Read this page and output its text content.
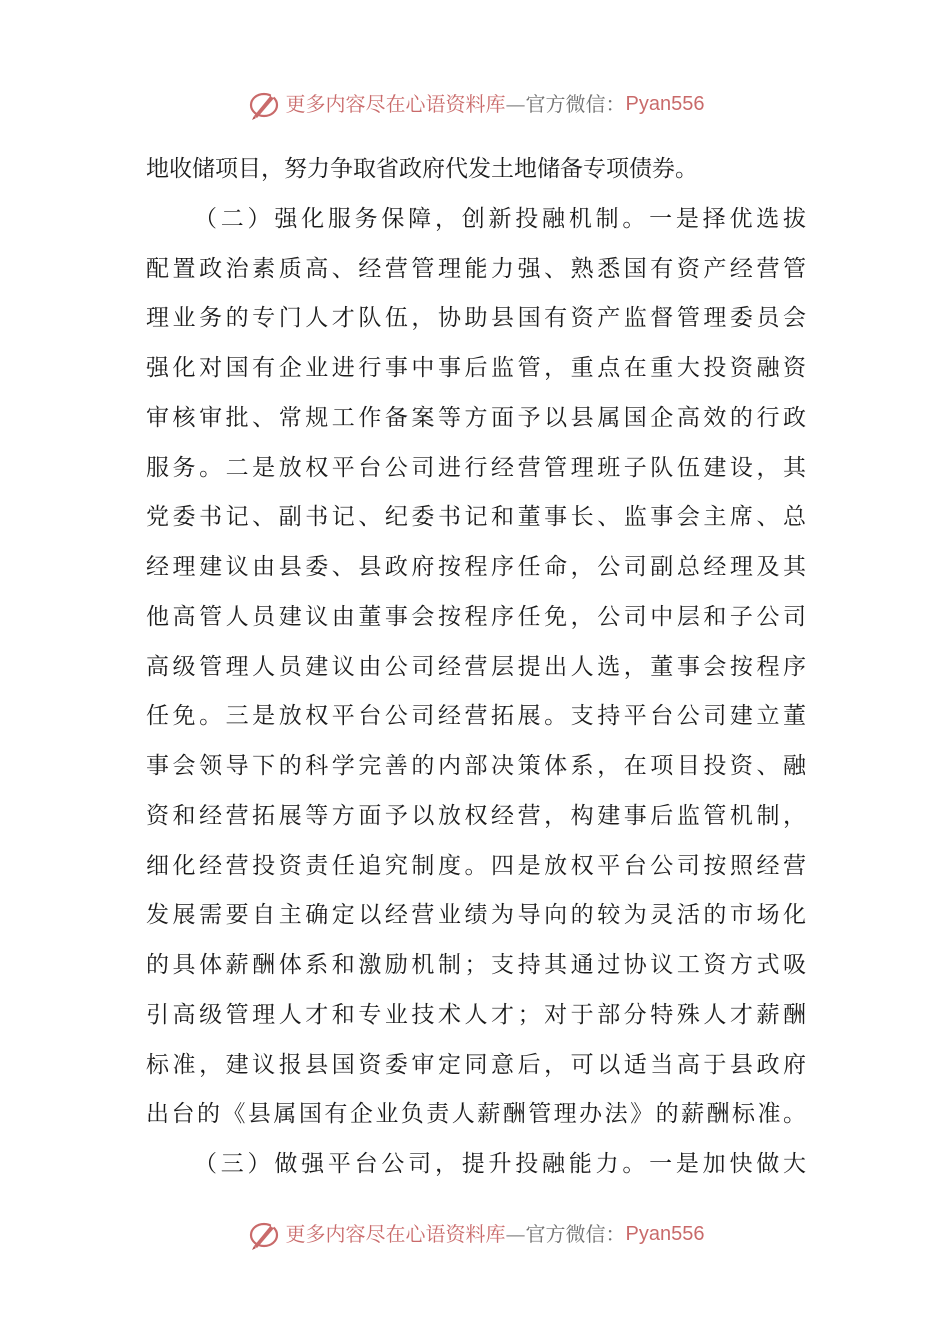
更多内容尽在心语资料库 — 官方微信： Pyan556
地收储项目，努力争取省政府代发土地储备专项债券。
（二）强化服务保障，创新投融机制。一是择优选拔
配置政治素质高、经营管理能力强、熟悉国有资产经营管
理业务的专门人才队伍，协助县国有资产监督管理委员会
强化对国有企业进行事中事后监管，重点在重大投资融资
审核审批、常规工作备案等方面予以县属国企高效的行政
服务。二是放权平台公司进行经营管理班子队伍建设，其
党委书记、副书记、纪委书记和董事长、监事会主席、总
经理建议由县委、县政府按程序任命，公司副总经理及其
他高管人员建议由董事会按程序任免，公司中层和子公司
高级管理人员建议由公司经营层提出人选，董事会按程序
任免。三是放权平台公司经营拓展。支持平台公司建立董
事会领导下的科学完善的内部决策体系，在项目投资、融
资和经营拓展等方面予以放权经营，构建事后监管机制，
细化经营投资责任追究制度。四是放权平台公司按照经营
发展需要自主确定以经营业绩为导向的较为灵活的市场化
的具体薪酬体系和激励机制；支持其通过协议工资方式吸
引高级管理人才和专业技术人才；对于部分特殊人才薪酬
标准，建议报县国资委审定同意后，可以适当高于县政府
出台的《县属国有企业负责人薪酬管理办法》的薪酬标准。
（三）做强平台公司，提升投融能力。一是加快做大
更多内容尽在心语资料库 — 官方微信： Pyan556
